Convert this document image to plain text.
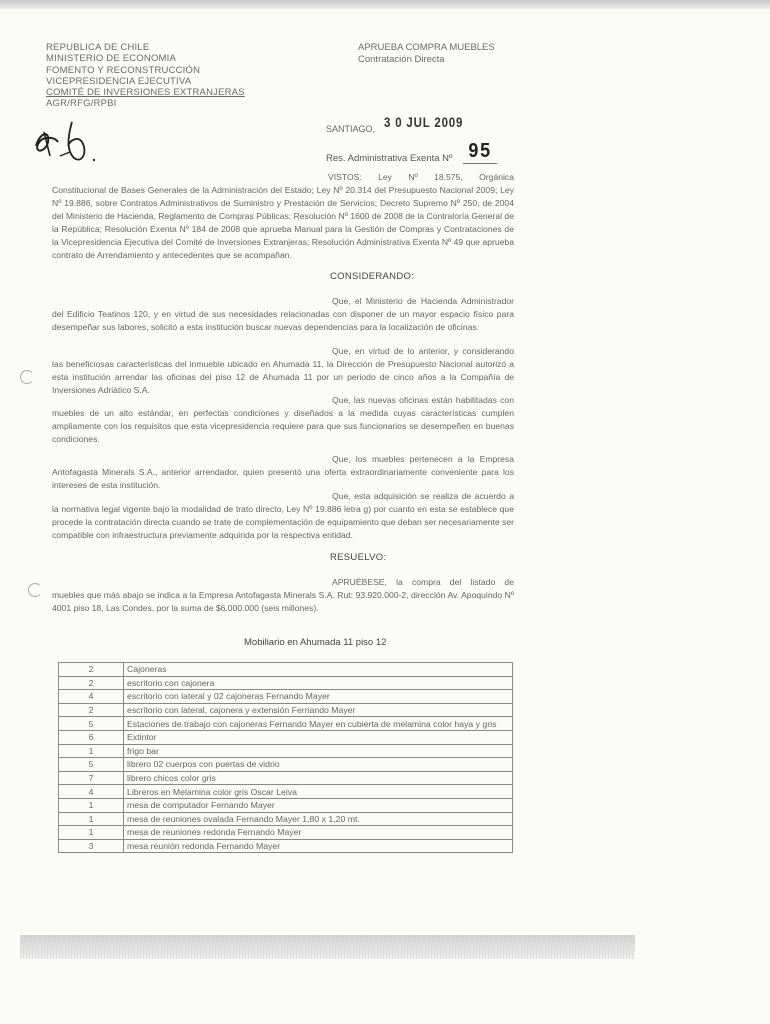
REPUBLICA DE CHILE
MINISTERIO DE ECONOMIA
FOMENTO Y RECONSTRUCCIÓN
VICEPRESIDENCIA EJECUTIVA
COMITÉ DE INVERSIONES EXTRANJERAS
AGR/RFG/RPBI
APRUEBA COMPRA MUEBLES
Contratación Directa
SANTIAGO, 3 0 JUL 2009
Res. Administrativa Exenta Nº 95
VISTOS: Ley Nº 18.575, Orgánica Constitucional de Bases Generales de la Administración del Estado; Ley Nº 20.314 del Presupuesto Nacional 2009; Ley Nº 19.886, sobre Contratos Administrativos de Suministro y Prestación de Servicios; Decreto Supremo Nº 250, de 2004 del Ministerio de Hacienda, Reglamento de Compras Públicas; Resolución Nº 1600 de 2008 de la Contraloría General de la República; Resolución Exenta Nº 184 de 2008 que aprueba Manual para la Gestión de Compras y Contrataciones de la Vicepresidencia Ejecutiva del Comité de Inversiones Extranjeras; Resolución Administrativa Exenta Nº 49 que aprueba contrato de Arrendamiento y antecedentes que se acompañan.
CONSIDERANDO:
Que, el Ministerio de Hacienda Administrador del Edificio Teatinos 120, y en virtud de sus necesidades relacionadas con disponer de un mayor espacio físico para desempeñar sus labores, solicitó a esta institución buscar nuevas dependencias para la localización de oficinas.
Que, en virtud de lo anterior, y considerando las beneficiosas características del inmueble ubicado en Ahumada 11, la Dirección de Presupuesto Nacional autorizó a esta institución arrendar las oficinas del piso 12 de Ahumada 11 por un periodo de cinco años a la Compañía de Inversiones Adriático S.A.
Que, las nuevas oficinas están habilitadas con muebles de un alto estándar, en perfectas condiciones y diseñados a la medida cuyas características cumplen ampliamente con los requisitos que esta vicepresidencia requiere para que sus funcionarios se desempeñen en buenas condiciones.
Que, los muebles pertenecen a la Empresa Antofagasta Minerals S.A., anterior arrendador, quien presentó una oferta extraordinariamente conveniente para los intereses de esta institución.
Que, esta adquisición se realiza de acuerdo a la normativa legal vigente bajo la modalidad de trato directo, Ley Nº 19.886 letra g) por cuanto en esta se establece que procede la contratación directa cuando se trate de complementación de equipamiento que deban ser necesariamente ser compatible con infraestructura previamente adquirida por la respectiva entidad.
RESUELVO:
APRUÉBESE, la compra del listado de muebles que más abajo se indica a la Empresa Antofagasta Minerals S.A. Rut: 93.920.000-2, dirección Av. Apoquindo Nº 4001 piso 18, Las Condes, por la suma de $6.000.000 (seis millones).
Mobiliario en Ahumada 11 piso 12
2	Cajoneras
2	escritorio con cajonera
4	escritorio con lateral y 02 cajoneras Fernando Mayer
2	escritorio con lateral, cajonera y extensión Fernando Mayer
5	Estaciones de trabajo con cajoneras Fernando Mayer en cubierta de melamina color haya y gris
6	Extintor
1	frigo bar
5	librero 02 cuerpos con puertas de vidrio
7	librero chicos color gris
4	Libreros en Melamina color gris Oscar Leiva
1	mesa de computador Fernando Mayer
1	mesa de reuniones ovalada Fernando Mayer 1,80 x 1,20 mt.
1	mesa de reuniones redonda Fernando Mayer
3	mesa reunión redonda Fernando Mayer
